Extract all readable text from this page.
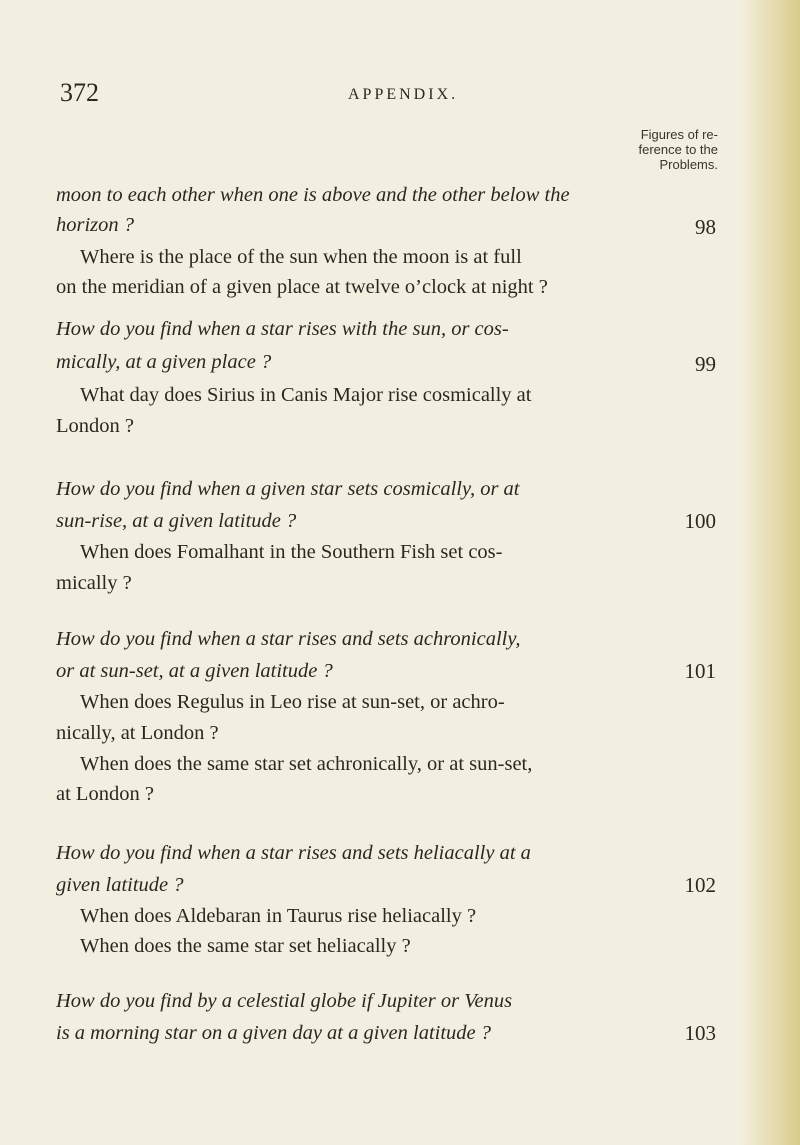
372	APPENDIX.
Figures of re-
ference to the
Problems.
moon to each other when one is above and the other below the
horizon ?	98
Where is the place of the sun when the moon is at full
on the meridian of a given place at twelve o’clock at night ?
How do you find when a star rises with the sun, or cos-
mically, at a given place ?	99
What day does Sirius in Canis Major rise cosmically at
London ?
How do you find when a given star sets cosmically, or at
sun-rise, at a given latitude ?	100
When does Fomalhant in the Southern Fish set cos-
mically ?
How do you find when a star rises and sets achronically,
or at sun-set, at a given latitude ?	101
When does Regulus in Leo rise at sun-set, or achro-
nically, at London ?
When does the same star set achronically, or at sun-set,
at London ?
How do you find when a star rises and sets heliacally at a
given latitude ?	102
When does Aldebaran in Taurus rise heliacally ?
When does the same star set heliacally ?
How do you find by a celestial globe if Jupiter or Venus
is a morning star on a given day at a given latitude ?	103
